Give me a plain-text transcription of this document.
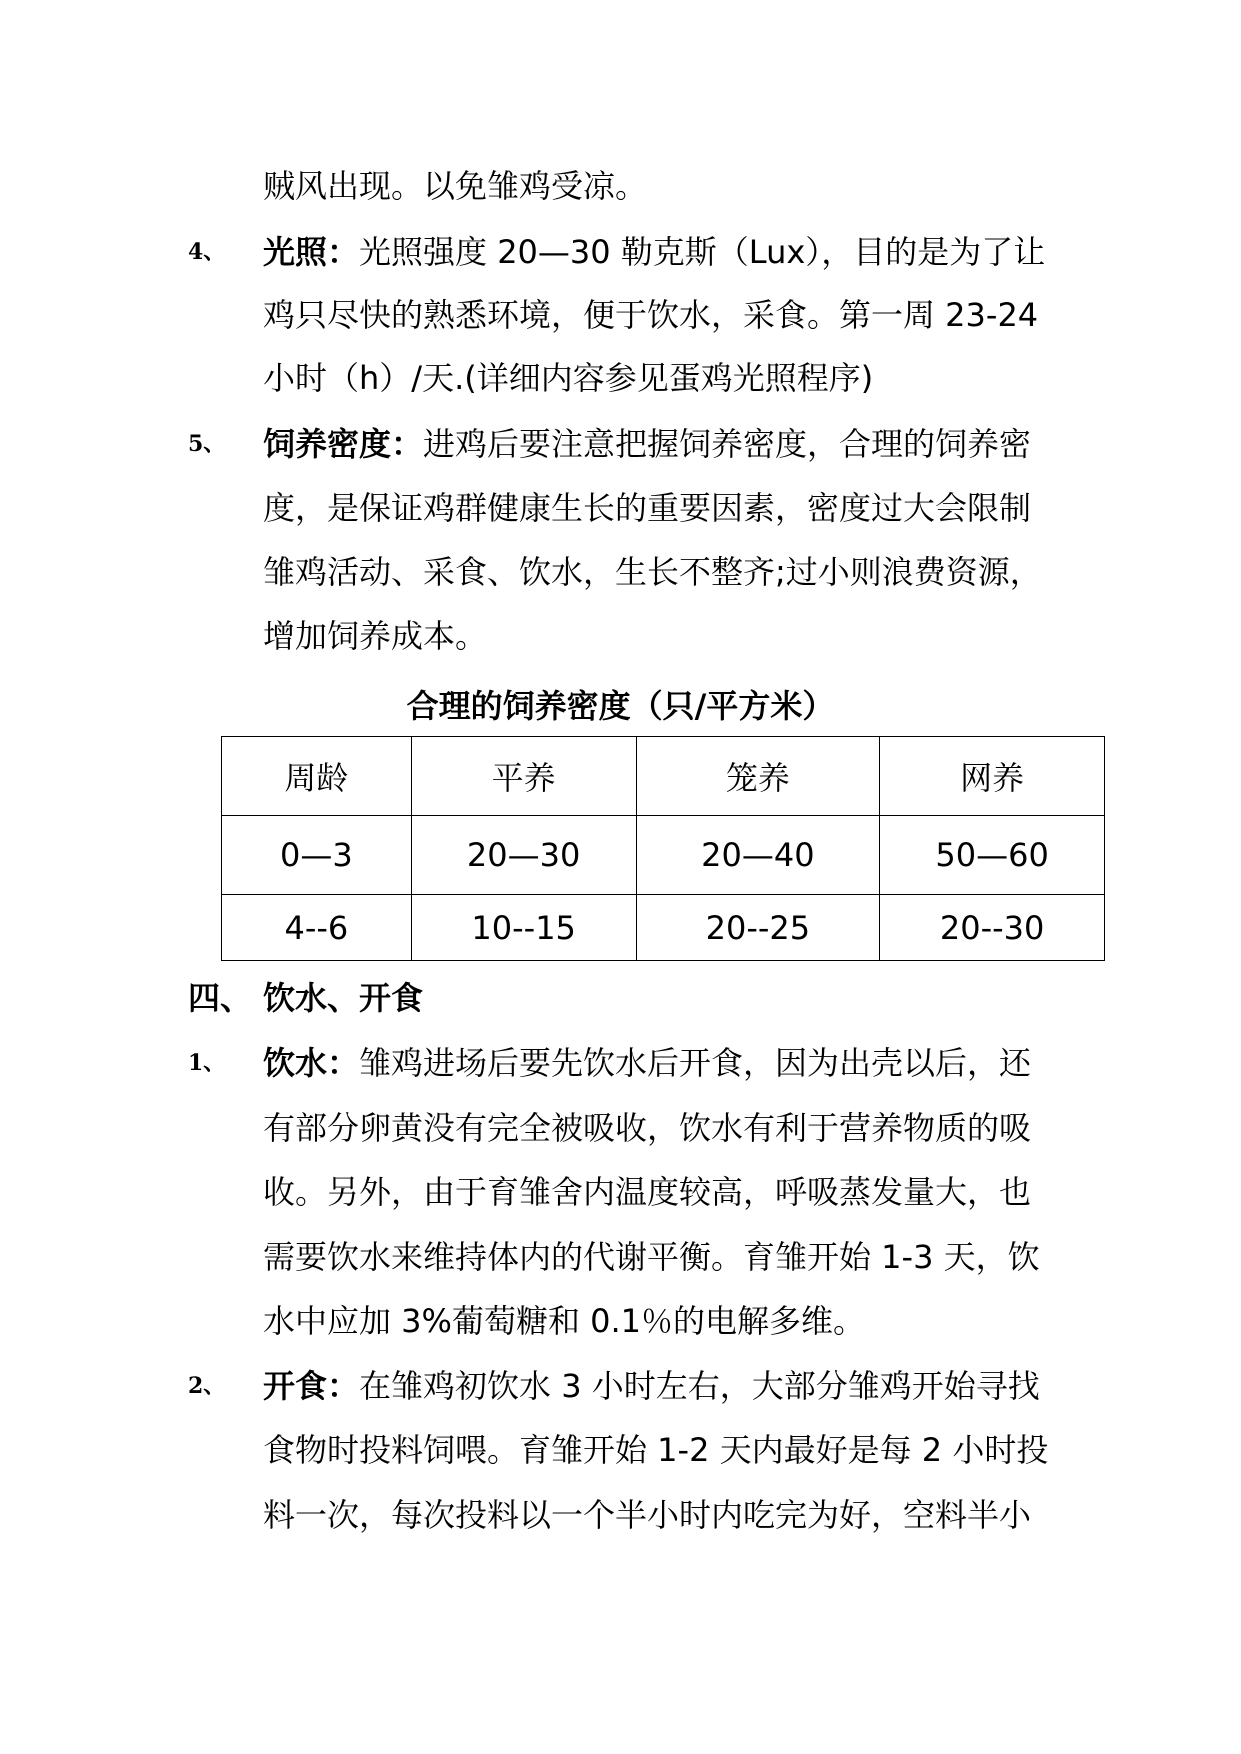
贼风出现。以免雏鸡受凉。
4、 光照：光照强度 20—30 勒克斯（Lux），目的是为了让
鸡只尽快的熟悉环境，便于饮水，采食。第一周 23-24
小时（h）/天.(详细内容参见蛋鸡光照程序)
5、 饲养密度：进鸡后要注意把握饲养密度，合理的饲养密
度，是保证鸡群健康生长的重要因素，密度过大会限制
雏鸡活动、采食、饮水，生长不整齐;过小则浪费资源，
增加饲养成本。
合理的饲养密度（只/平方米）
周龄	平养	笼养	网养
0—3	20—30	20—40	50—60
4--6	10--15	20--25	20--30
四、 饮水、开食
1、 饮水：雏鸡进场后要先饮水后开食，因为出壳以后，还
有部分卵黄没有完全被吸收，饮水有利于营养物质的吸
收。另外，由于育雏舍内温度较高，呼吸蒸发量大，也
需要饮水来维持体内的代谢平衡。育雏开始 1-3 天，饮
水中应加 3%葡萄糖和 0.1％的电解多维。
2、 开食：在雏鸡初饮水 3 小时左右，大部分雏鸡开始寻找
食物时投料饲喂。育雏开始 1-2 天内最好是每 2 小时投
料一次，每次投料以一个半小时内吃完为好，空料半小
